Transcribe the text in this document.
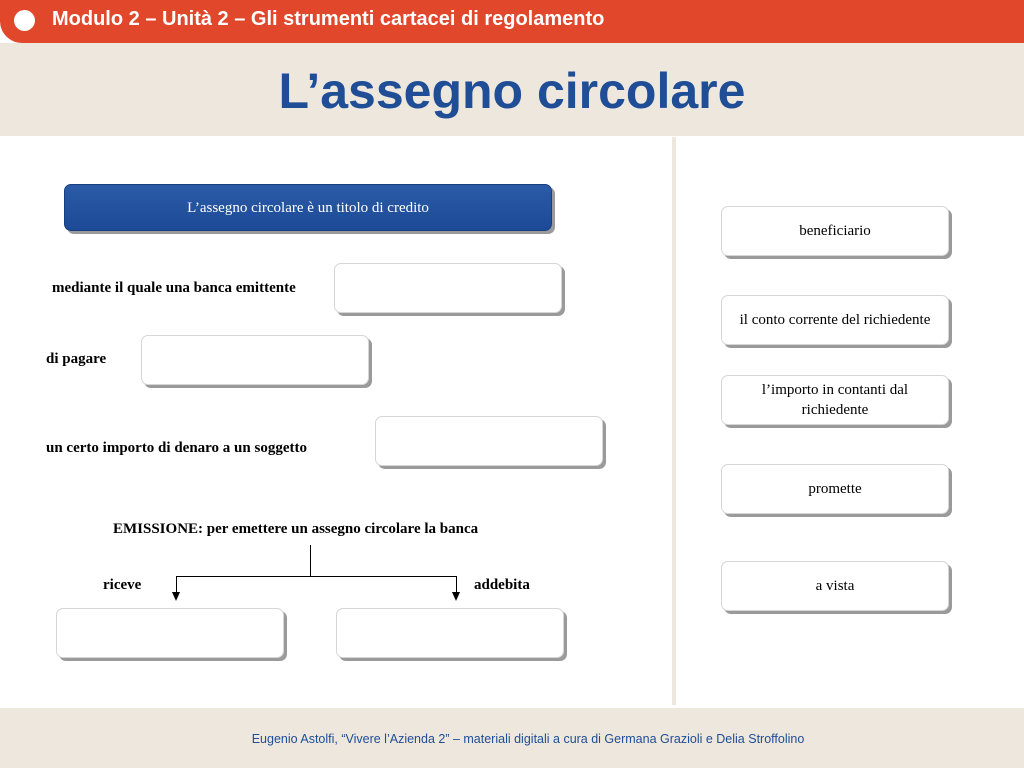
Modulo 2 – Unità 2 – Gli strumenti cartacei di regolamento
L’assegno circolare
L’assegno circolare è un titolo di credito
mediante il quale una banca emittente
di pagare
un certo importo di denaro a un soggetto
EMISSIONE: per emettere un assegno circolare la banca
riceve	addebita
beneficiario
il conto corrente del richiedente
l’importo in contanti dal richiedente
promette
a vista
Eugenio Astolfi, “Vivere l’Azienda 2” – materiali digitali a cura di Germana Grazioli e Delia Stroffolino
